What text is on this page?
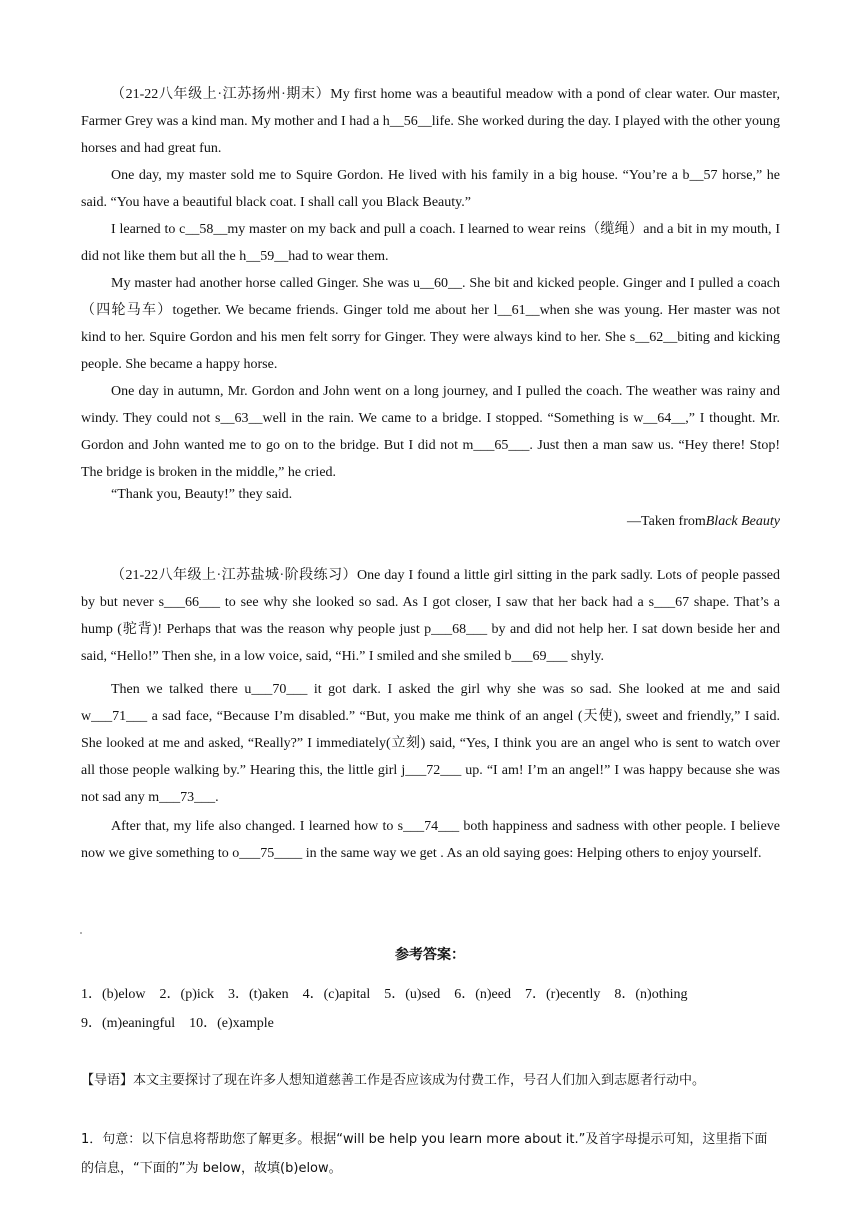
（21-22八年级上·江苏扬州·期末）My first home was a beautiful meadow with a pond of clear water. Our master, Farmer Grey was a kind man. My mother and I had a h__56__life. She worked during the day. I played with the other young horses and had great fun.

One day, my master sold me to Squire Gordon. He lived with his family in a big house. “You’re a b__57 horse,” he said. “You have a beautiful black coat. I shall call you Black Beauty.”

I learned to c__58__my master on my back and pull a coach. I learned to wear reins（缆绳）and a bit in my mouth, I did not like them but all the h__59__had to wear them.

My master had another horse called Ginger. She was u__60__. She bit and kicked people. Ginger and I pulled a coach（四轮马车）together. We became friends. Ginger told me about her l__61__when she was young. Her master was not kind to her. Squire Gordon and his men felt sorry for Ginger. They were always kind to her. She s__62__biting and kicking people. She became a happy horse.

One day in autumn, Mr. Gordon and John went on a long journey, and I pulled the coach. The weather was rainy and windy. They could not s__63__well in the rain. We came to a bridge. I stopped. “Something is w__64__,” I thought. Mr. Gordon and John wanted me to go on to the bridge. But I did not m___65___. Just then a man saw us. “Hey there! Stop! The bridge is broken in the middle,” he cried.

“Thank you, Beauty!” they said.

—Taken fromBlack Beauty

（21-22八年级上·江苏盐城·阶段练习）One day I found a little girl sitting in the park sadly. Lots of people passed by but never s___66___ to see why she looked so sad. As I got closer, I saw that her back had a s___67 shape. That’s a hump (驼背)! Perhaps that was the reason why people just p___68___ by and did not help her. I sat down beside her and said, “Hello!” Then she, in a low voice, said, “Hi.” I smiled and she smiled b___69___ shyly.

Then we talked there u___70___ it got dark. I asked the girl why she was so sad. She looked at me and said w___71___ a sad face, “Because I’m disabled.” “But, you make me think of an angel (天使), sweet and friendly,” I said. She looked at me and asked, “Really?” I immediately(立刻) said, “Yes, I think you are an angel who is sent to watch over all those people walking by.” Hearing this, the little girl j___72___ up. “I am! I’m an angel!” I was happy because she was not sad any m___73___.

After that, my life also changed. I learned how to s___74___ both happiness and sadness with other people. I believe now we give something to o___75____ in the same way we get . As an old saying goes: Helping others to enjoy yourself.

参考答案：

1．(b)elow　2．(p)ick　3．(t)aken　4．(c)apital　5．(u)sed　6．(n)eed　7．(r)ecently　8．(n)othing

9．(m)eaningful　10．(e)xample

【导语】本文主要探讨了现在许多人想知道慈善工作是否应该成为付费工作，号召人们加入到志愿者行动中。

1．句意：以下信息将帮助您了解更多。根据“will be help you learn more about it.”及首字母提示可知，这里指下面的信息，“下面的”为 below，故填(b)elow。
